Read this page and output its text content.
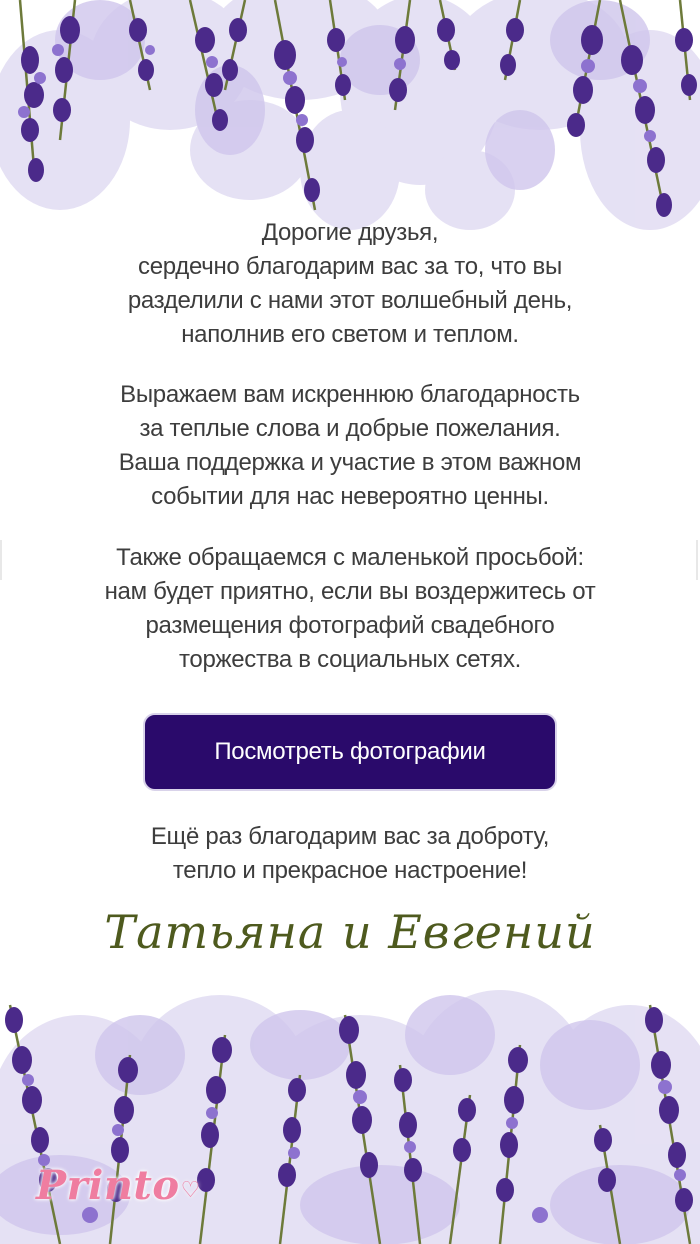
Дорогие друзья,
сердечно благодарим вас за то, что вы
разделили с нами этот волшебный день,
наполнив его светом и теплом.
Выражаем вам искреннюю благодарность
за теплые слова и добрые пожелания.
Ваша поддержка и участие в этом важном
событии для нас невероятно ценны.
Также обращаемся с маленькой просьбой:
нам будет приятно, если вы воздержитесь от
размещения фотографий свадебного
торжества в социальных сетях.
Посмотреть фотографии
Ещё раз благодарим вас за доброту,
тепло и прекрасное настроение!
Татьяна и Евгений
Printo♡
